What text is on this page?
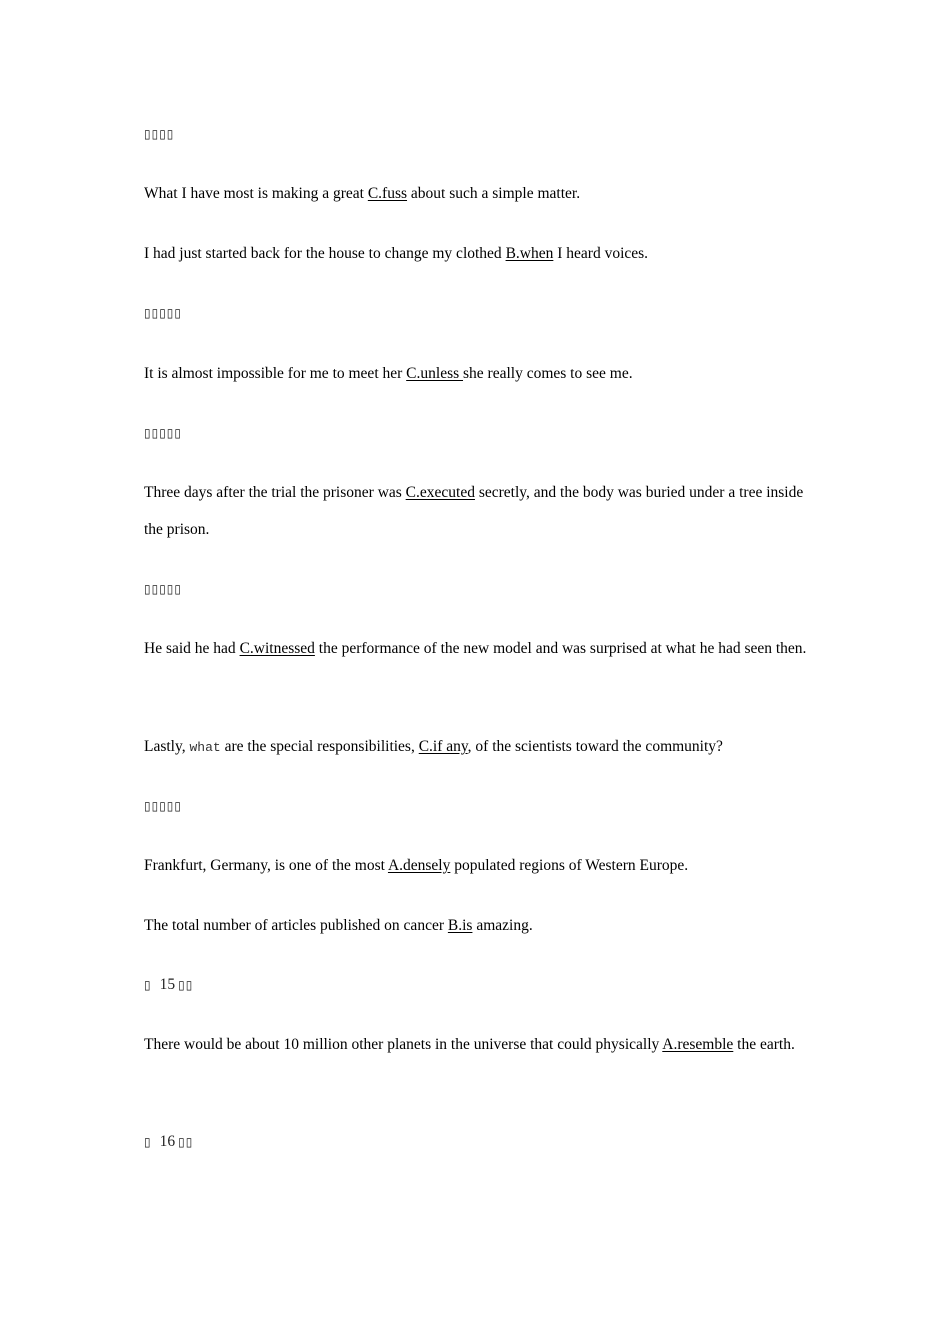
▯▯▯▯
What I have most is making a great C.fuss about such a simple matter.
I had just started back for the house to change my clothed B.when I heard voices.
▯▯▯▯▯
It is almost impossible for me to meet her C.unless she really comes to see me.
▯▯▯▯▯
Three days after the trial the prisoner was C.executed secretly, and the body was buried under a tree inside the prison.
▯▯▯▯▯
He said he had C.witnessed the performance of the new model and was surprised at what he had seen then.
Lastly, what are the special responsibilities, C.if any, of the scientists toward the community?
▯▯▯▯▯
Frankfurt, Germany, is one of the most A.densely populated regions of Western Europe.
The total number of articles published on cancer B.is amazing.
▯ 15 ▯▯
There would be about 10 million other planets in the universe that could physically A.resemble the earth.
▯ 16 ▯▯
